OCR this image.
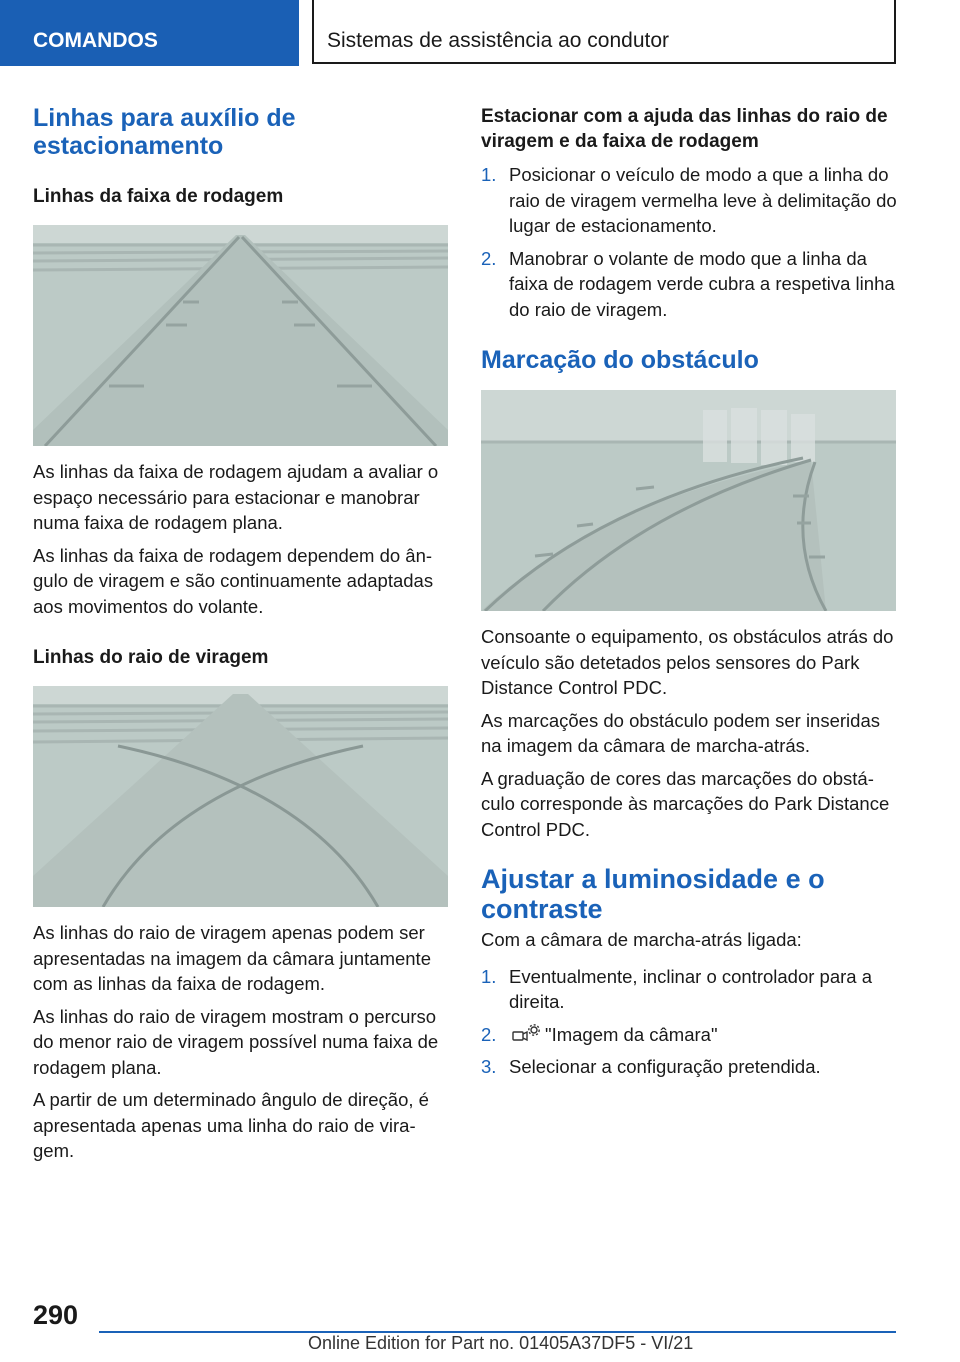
COMANDOS	Sistemas de assistência ao condutor
Linhas para auxílio de estacionamento
Linhas da faixa de rodagem

As linhas da faixa de rodagem ajudam a avaliar o espaço necessário para estacionar e manobrar numa faixa de rodagem plana.

As linhas da faixa de rodagem dependem do ângulo de viragem e são continuamente adaptadas aos movimentos do volante.

Linhas do raio de viragem

As linhas do raio de viragem apenas podem ser apresentadas na imagem da câmara juntamente com as linhas da faixa de rodagem.

As linhas do raio de viragem mostram o percurso do menor raio de viragem possível numa faixa de rodagem plana.

A partir de um determinado ângulo de direção, é apresentada apenas uma linha do raio de viragem.

Estacionar com a ajuda das linhas do raio de viragem e da faixa de rodagem
1. Posicionar o veículo de modo a que a linha do raio de viragem vermelha leve à delimitação do lugar de estacionamento.
2. Manobrar o volante de modo que a linha da faixa de rodagem verde cubra a respetiva linha do raio de viragem.
Marcação do obstáculo

Consoante o equipamento, os obstáculos atrás do veículo são detetados pelos sensores do Park Distance Control PDC.

As marcações do obstáculo podem ser inseridas na imagem da câmara de marcha-atrás.

A graduação de cores das marcações do obstáculo corresponde às marcações do Park Distance Control PDC.

Ajustar a luminosidade e o contraste

Com a câmara de marcha-atrás ligada:

1. Eventualmente, inclinar o controlador para a direita.
2.	"Imagem da câmara"
3. Selecionar a configuração pretendida.
290
Online Edition for Part no. 01405A37DF5 - VI/21
